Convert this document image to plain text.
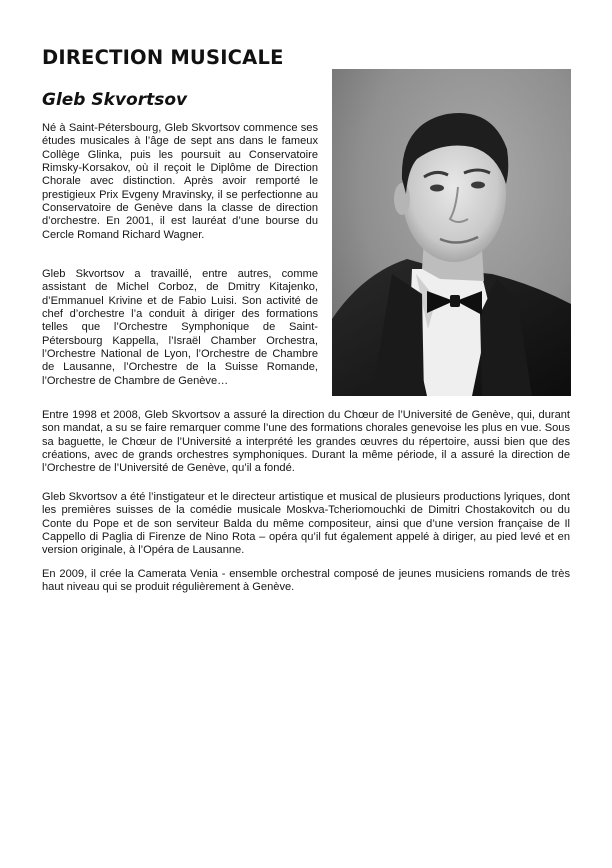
DIRECTION MUSICALE
Gleb Skvortsov

Né à Saint-Pétersbourg, Gleb Skvortsov commence ses études musicales à l’âge de sept ans dans le fameux Collège Glinka, puis les poursuit au Conservatoire Rimsky-Korsakov, où il reçoit le Diplôme de Direction Chorale avec distinction. Après avoir remporté le prestigieux Prix Evgeny Mravinsky, il se perfectionne au Conservatoire de Genève dans la classe de direction d’orchestre. En 2001, il est lauréat d’une bourse du Cercle Romand Richard Wagner.

Gleb Skvortsov a travaillé, entre autres, comme assistant de Michel Corboz, de Dmitry Kitajenko, d’Emmanuel Krivine et de Fabio Luisi. Son activité de chef d’orchestre l’a conduit à diriger des formations telles que l’Orchestre Symphonique de Saint-Pétersbourg Kappella, l’Israël Chamber Orchestra, l’Orchestre National de Lyon, l’Orchestre de Chambre de Lausanne, l’Orchestre de la Suisse Romande, l’Orchestre de Chambre de Genève…

Entre 1998 et 2008, Gleb Skvortsov a assuré la direction du Chœur de l’Université de Genève, qui, durant son mandat, a su se faire remarquer comme l’une des formations chorales genevoise les plus en vue. Sous sa baguette, le Chœur de l’Université a interprété les grandes œuvres du répertoire, aussi bien que des créations, avec de grands orchestres symphoniques. Durant la même période, il a assuré la direction de l’Orchestre de l’Université de Genève, qu’il a fondé.

Gleb Skvortsov a été l’instigateur et le directeur artistique et musical de plusieurs productions lyriques, dont les premières suisses de la comédie musicale Moskva-Tcheriomouchki de Dimitri Chostakovitch ou du Conte du Pope et de son serviteur Balda du même compositeur, ainsi que d’une version française de Il Cappello di Paglia di Firenze de Nino Rota – opéra qu’il fut également appelé à diriger, au pied levé et en version originale, à l’Opéra de Lausanne.

En 2009, il crée la Camerata Venia - ensemble orchestral composé de jeunes musiciens romands de très haut niveau qui se produit régulièrement à Genève.
